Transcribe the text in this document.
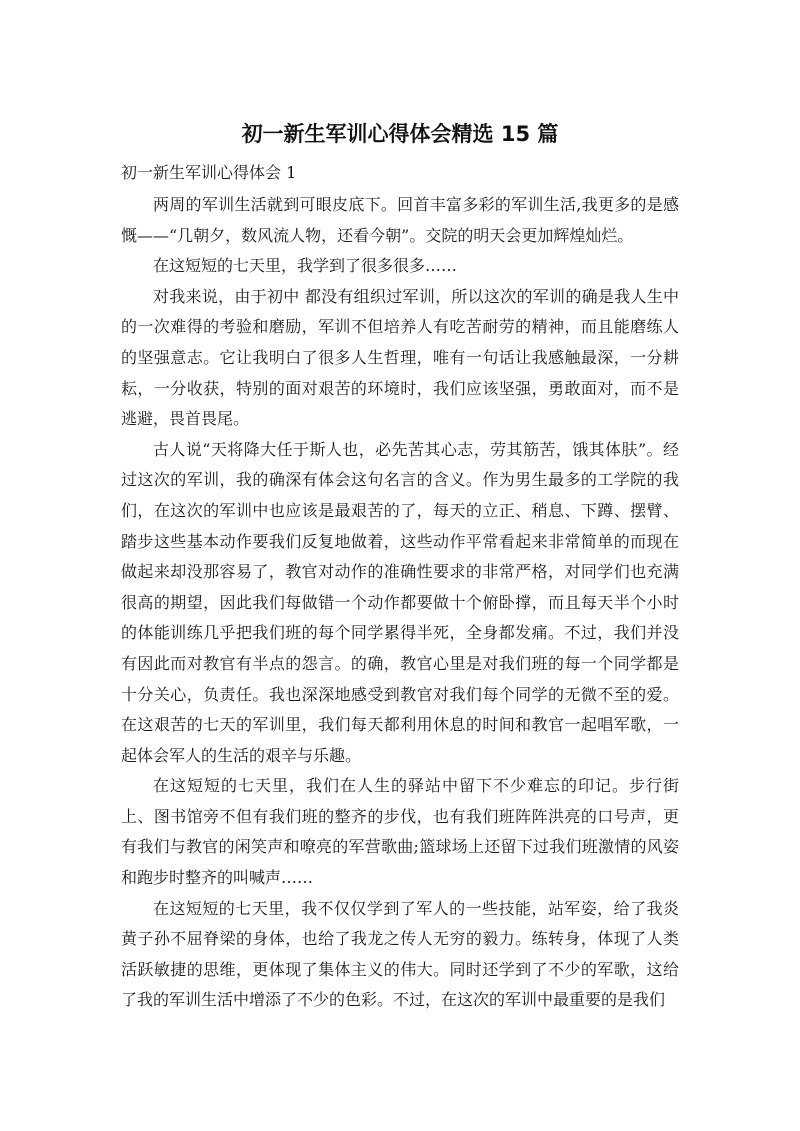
初一新生军训心得体会精选 15 篇
初一新生军训心得体会 1

两周的军训生活就到可眼皮底下。回首丰富多彩的军训生活,我更多的是感慨——“几朝夕，数风流人物，还看今朝”。交院的明天会更加辉煌灿烂。

在这短短的七天里，我学到了很多很多……

对我来说，由于初中 都没有组织过军训，所以这次的军训的确是我人生中的一次难得的考验和磨励，军训不但培养人有吃苦耐劳的精神，而且能磨练人的坚强意志。它让我明白了很多人生哲理，唯有一句话让我感触最深，一分耕耘，一分收获，特别的面对艰苦的环境时，我们应该坚强，勇敢面对，而不是逃避，畏首畏尾。

古人说“天将降大任于斯人也，必先苦其心志，劳其筋苦，饿其体肤”。经过这次的军训，我的确深有体会这句名言的含义。作为男生最多的工学院的我们，在这次的军训中也应该是最艰苦的了，每天的立正、稍息、下蹲、摆臂、踏步这些基本动作要我们反复地做着，这些动作平常看起来非常简单的而现在做起来却没那容易了，教官对动作的准确性要求的非常严格，对同学们也充满很高的期望，因此我们每做错一个动作都要做十个俯卧撑，而且每天半个小时的体能训练几乎把我们班的每个同学累得半死，全身都发痛。不过，我们并没有因此而对教官有半点的怨言。的确，教官心里是对我们班的每一个同学都是十分关心，负责任。我也深深地感受到教官对我们每个同学的无微不至的爱。在这艰苦的七天的军训里，我们每天都利用休息的时间和教官一起唱军歌，一起体会军人的生活的艰辛与乐趣。

在这短短的七天里，我们在人生的驿站中留下不少难忘的印记。步行街上、图书馆旁不但有我们班的整齐的步伐，也有我们班阵阵洪亮的口号声，更有我们与教官的闲笑声和嘹亮的军营歌曲;篮球场上还留下过我们班激情的风姿和跑步时整齐的叫喊声……

在这短短的七天里，我不仅仅学到了军人的一些技能，站军姿，给了我炎黄子孙不屈脊梁的身体，也给了我龙之传人无穷的毅力。练转身，体现了人类活跃敏捷的思维，更体现了集体主义的伟大。同时还学到了不少的军歌，这给了我的军训生活中增添了不少的色彩。不过，在这次的军训中最重要的是我们
